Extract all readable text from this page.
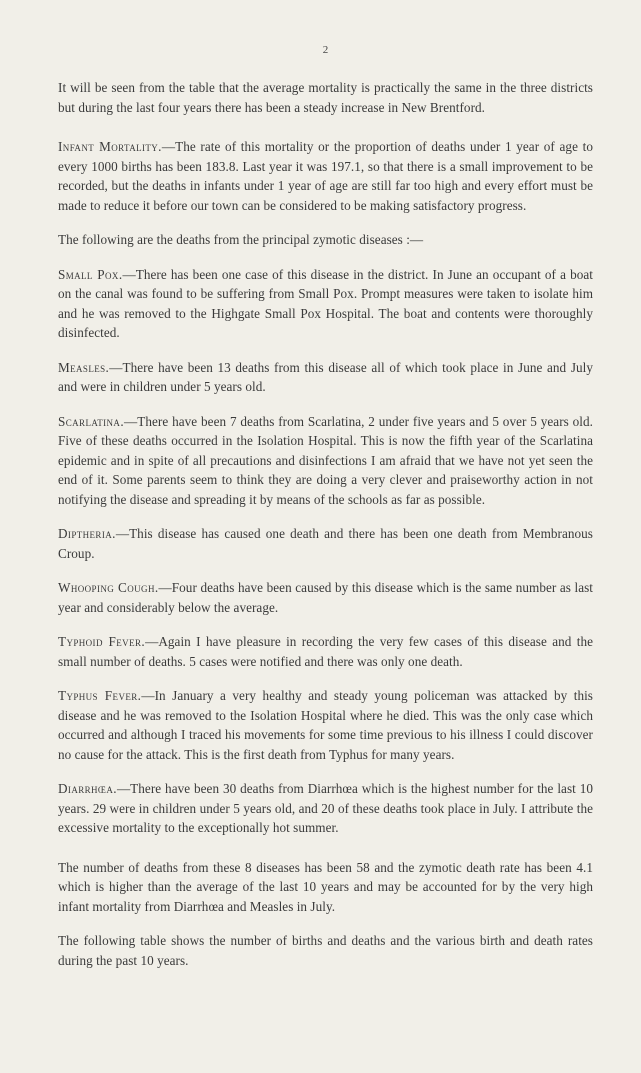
2

It will be seen from the table that the average mortality is practically the same in the three districts but during the last four years there has been a steady increase in New Brentford.

Infant Mortality.—The rate of this mortality or the proportion of deaths under 1 year of age to every 1000 births has been 183.8. Last year it was 197.1, so that there is a small improvement to be recorded, but the deaths in infants under 1 year of age are still far too high and every effort must be made to reduce it before our town can be considered to be making satisfactory progress.

The following are the deaths from the principal zymotic diseases :—

Small Pox.—There has been one case of this disease in the district. In June an occupant of a boat on the canal was found to be suffering from Small Pox. Prompt measures were taken to isolate him and he was removed to the Highgate Small Pox Hospital. The boat and contents were thoroughly disinfected.

Measles.—There have been 13 deaths from this disease all of which took place in June and July and were in children under 5 years old.

Scarlatina.—There have been 7 deaths from Scarlatina, 2 under five years and 5 over 5 years old. Five of these deaths occurred in the Isolation Hospital. This is now the fifth year of the Scarlatina epidemic and in spite of all precautions and disinfections I am afraid that we have not yet seen the end of it. Some parents seem to think they are doing a very clever and praiseworthy action in not notifying the disease and spreading it by means of the schools as far as possible.

Diptheria.—This disease has caused one death and there has been one death from Membranous Croup.

Whooping Cough.—Four deaths have been caused by this disease which is the same number as last year and considerably below the average.

Typhoid Fever.—Again I have pleasure in recording the very few cases of this disease and the small number of deaths. 5 cases were notified and there was only one death.

Typhus Fever.—In January a very healthy and steady young policeman was attacked by this disease and he was removed to the Isolation Hospital where he died. This was the only case which occurred and although I traced his movements for some time previous to his illness I could discover no cause for the attack. This is the first death from Typhus for many years.

Diarrhœa.—There have been 30 deaths from Diarrhœa which is the highest number for the last 10 years. 29 were in children under 5 years old, and 20 of these deaths took place in July. I attribute the excessive mortality to the exceptionally hot summer.

The number of deaths from these 8 diseases has been 58 and the zymotic death rate has been 4.1 which is higher than the average of the last 10 years and may be accounted for by the very high infant mortality from Diarrhœa and Measles in July.

The following table shows the number of births and deaths and the various birth and death rates during the past 10 years.
